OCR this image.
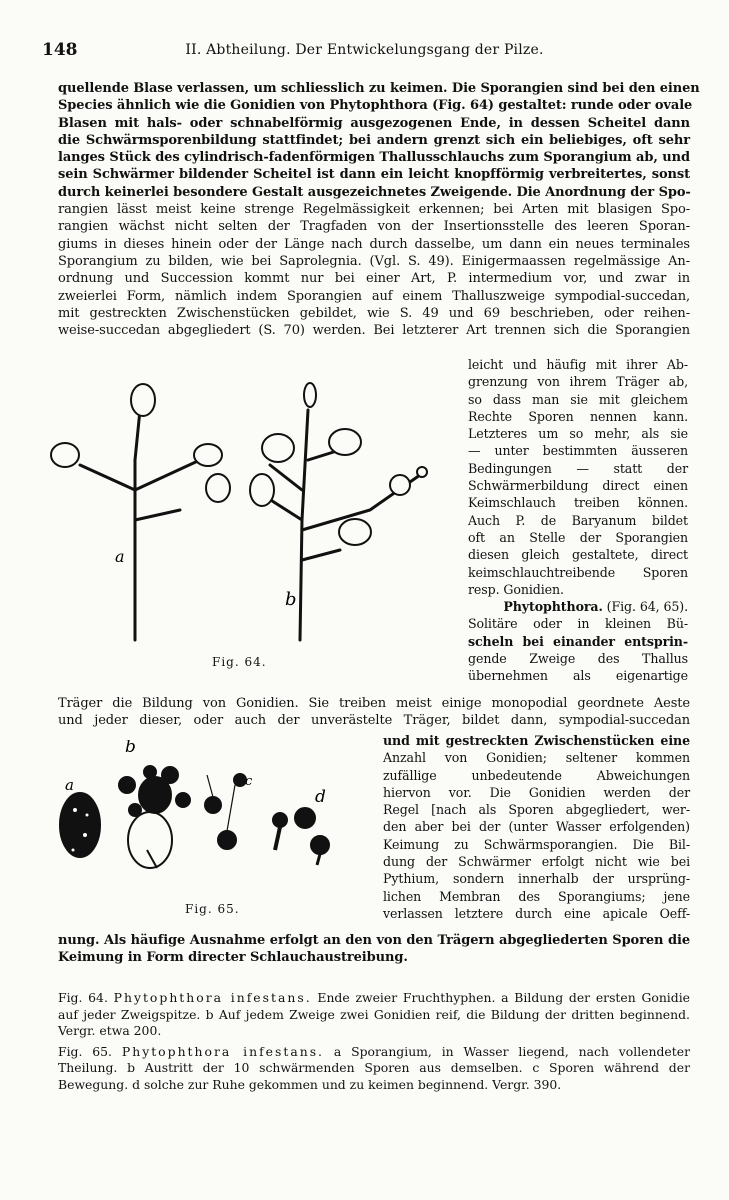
148	II. Abtheilung. Der Entwickelungsgang der Pilze.
quellende Blase verlassen, um schliesslich zu keimen. Die Sporangien sind bei den einen
Species ähnlich wie die Gonidien von Phytophthora (Fig. 64) gestaltet: runde oder ovale
Blasen mit hals- oder schnabelförmig ausgezogenen Ende, in dessen Scheitel dann
die Schwärmsporenbildung stattfindet; bei andern grenzt sich ein beliebiges, oft sehr
langes Stück des cylindrisch-fadenförmigen Thallusschlauchs zum Sporangium ab, und
sein Schwärmer bildender Scheitel ist dann ein leicht knopfförmig verbreitertes, sonst
durch keinerlei besondere Gestalt ausgezeichnetes Zweigende. Die Anordnung der Spo-
rangien lässt meist keine strenge Regelmässigkeit erkennen; bei Arten mit blasigen Spo-
rangien wächst nicht selten der Tragfaden von der Insertionsstelle des leeren Sporan-
giums in dieses hinein oder der Länge nach durch dasselbe, um dann ein neues terminales
Sporangium zu bilden, wie bei Saprolegnia. (Vgl. S. 49). Einigermaassen regelmässige An-
ordnung und Succession kommt nur bei einer Art, P. intermedium vor, und zwar in
zweierlei Form, nämlich indem Sporangien auf einem Thalluszweige sympodial-succedan,
mit gestreckten Zwischenstücken gebildet, wie S. 49 und 69 beschrieben, oder reihen-
weise-succedan abgegliedert (S. 70) werden. Bei letzterer Art trennen sich die Sporangien
leicht und häufig mit ihrer Ab-
grenzung von ihrem Träger ab,
so dass man sie mit gleichem
Rechte Sporen nennen kann.
Letzteres um so mehr, als sie
— unter bestimmten äusseren
Bedingungen — statt der
Schwärmerbildung direct einen
Keimschlauch treiben können.
Auch P. de Baryanum bildet
oft an Stelle der Sporangien
diesen gleich gestaltete, direct
keimschlauchtreibende Sporen
resp. Gonidien.
Phytophthora. (Fig. 64, 65).
Solitäre oder in kleinen Bü-
scheln bei einander entsprin-
gende Zweige des Thallus
übernehmen als eigenartige
a
b
Fig. 64.
Träger die Bildung von Gonidien. Sie treiben meist einige monopodial geordnete Aeste
und jeder dieser, oder auch der unverästelte Träger, bildet dann, sympodial-succedan
a
b
c
d
Fig. 65.
und mit gestreckten Zwischenstücken eine
Anzahl von Gonidien; seltener kommen
zufällige unbedeutende Abweichungen
hiervon vor. Die Gonidien werden der
Regel [nach als Sporen abgegliedert, wer-
den aber bei der (unter Wasser erfolgenden)
Keimung zu Schwärmsporangien. Die Bil-
dung der Schwärmer erfolgt nicht wie bei
Pythium, sondern innerhalb der ursprüng-
lichen Membran des Sporangiums; jene
verlassen letztere durch eine apicale Oeff-
nung. Als häufige Ausnahme erfolgt an den von den Trägern abgegliederten Sporen die
Keimung in Form directer Schlauchaustreibung.

Fig. 64. Phytophthora infestans. Ende zweier Fruchthyphen. a Bildung der ersten Gonidie auf jeder Zweigspitze. b Auf jedem Zweige zwei Gonidien reif, die Bildung der dritten beginnend. Vergr. etwa 200.

Fig. 65. Phytophthora infestans. a Sporangium, in Wasser liegend, nach vollendeter Theilung. b Austritt der 10 schwärmenden Sporen aus demselben. c Sporen während der Bewegung. d solche zur Ruhe gekommen und zu keimen beginnend. Vergr. 390.
